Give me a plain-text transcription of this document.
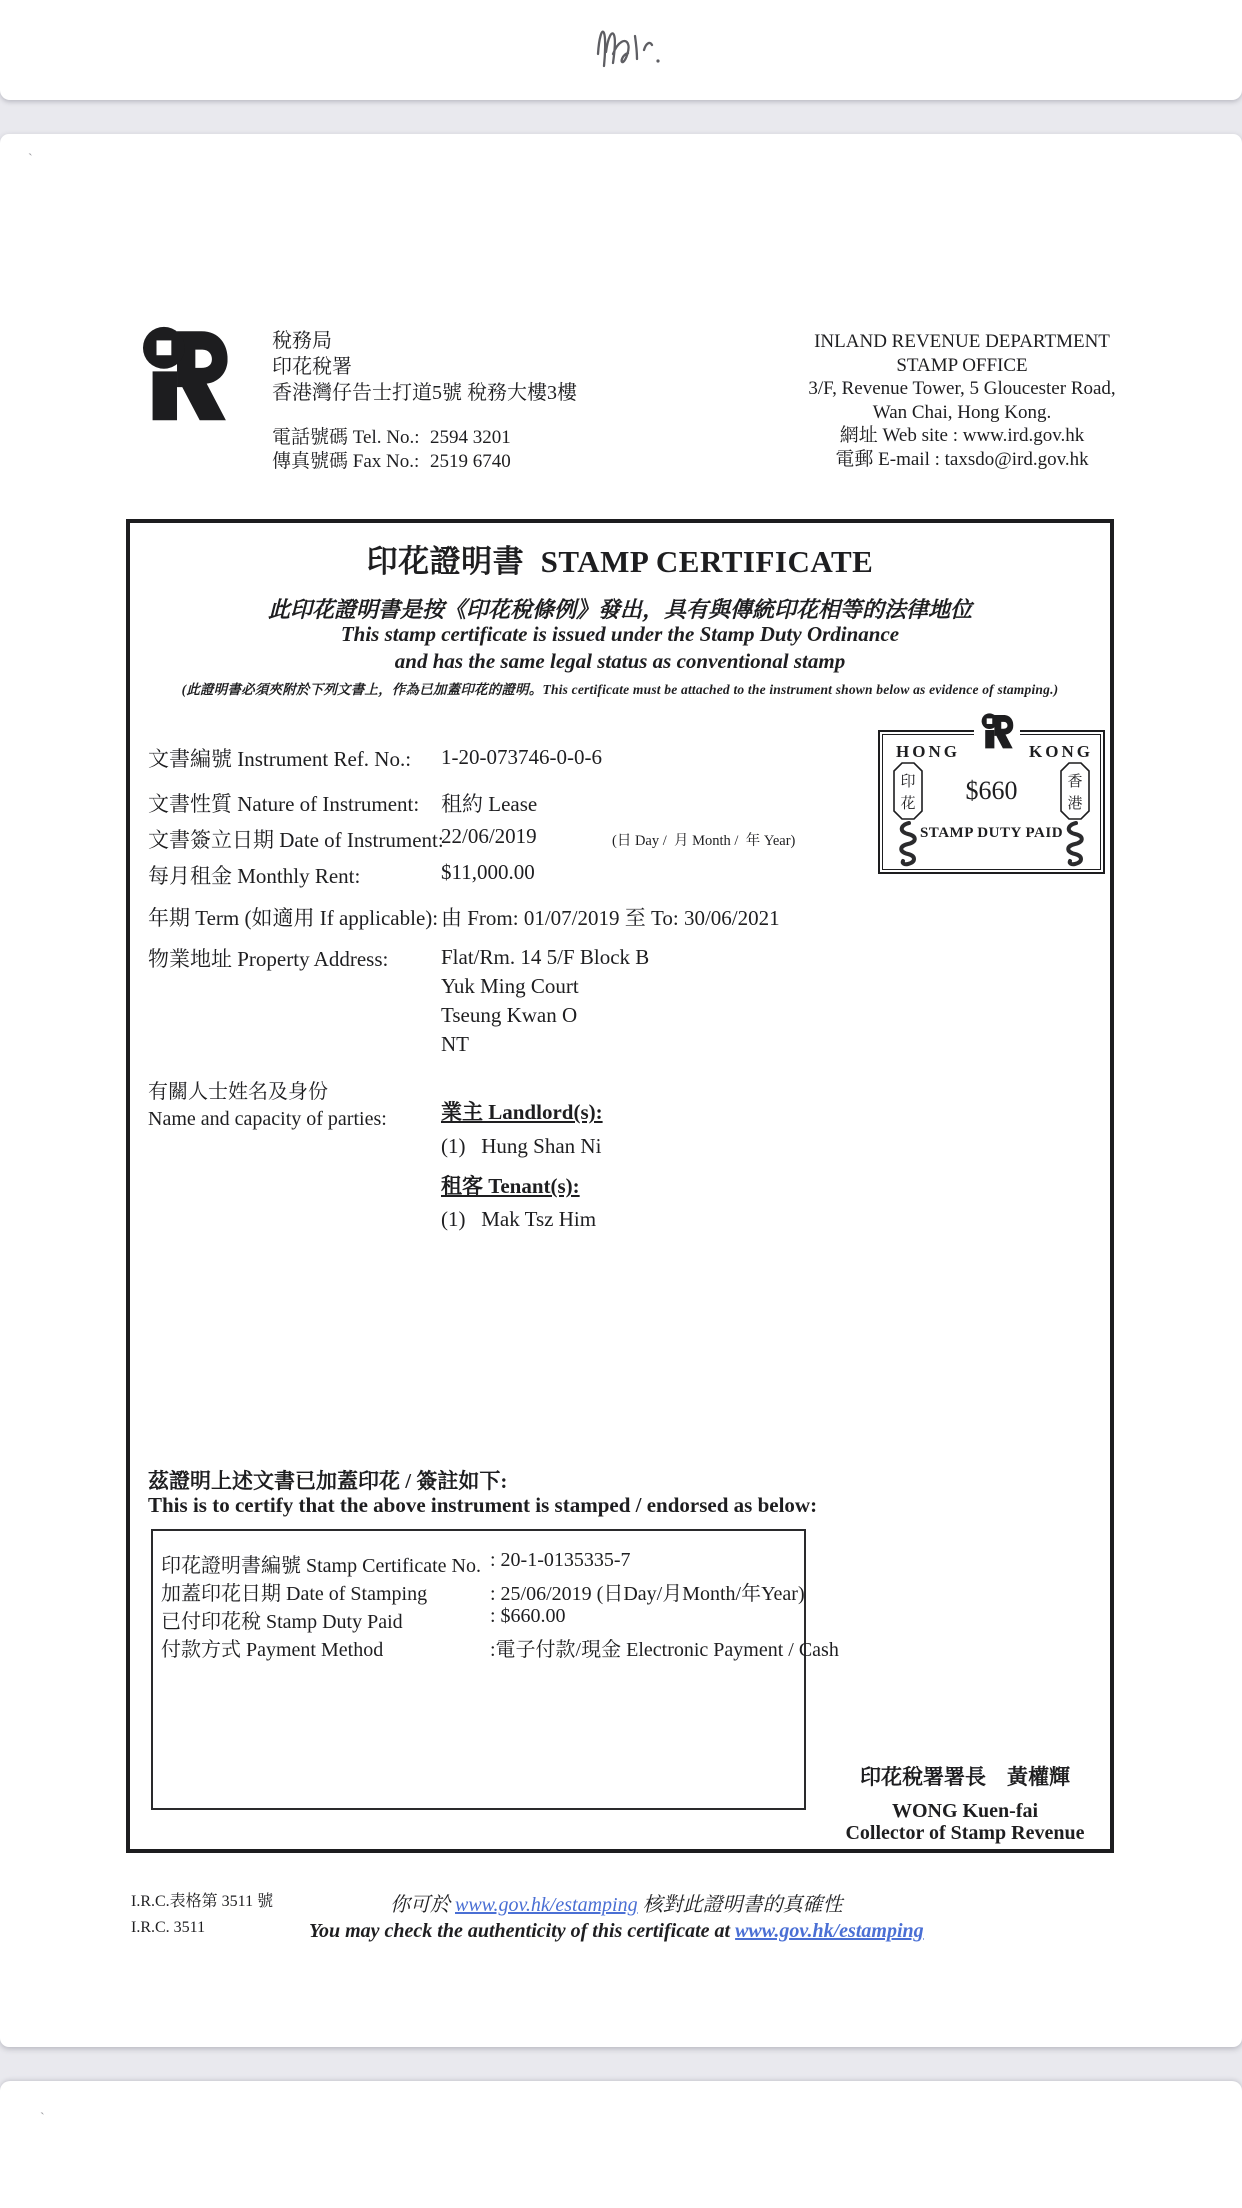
`
稅務局
印花稅署
香港灣仔告士打道5號 稅務大樓3樓
電話號碼 Tel. No.: 2594 3201
傳真號碼 Fax No.: 2519 6740
INLAND REVENUE DEPARTMENT
STAMP OFFICE
3/F, Revenue Tower, 5 Gloucester Road,
Wan Chai, Hong Kong.
網址 Web site : www.ird.gov.hk
電郵 E-mail : taxsdo@ird.gov.hk
印花證明書  STAMP CERTIFICATE
此印花證明書是按《印花稅條例》發出，具有與傳統印花相等的法律地位
This stamp certificate is issued under the Stamp Duty Ordinance
and has the same legal status as conventional stamp
(此證明書必須夾附於下列文書上，作為已加蓋印花的證明。This certificate must be attached to the instrument shown below as evidence of stamping.)
文書編號 Instrument Ref. No.: 1-20-073746-0-0-6
文書性質 Nature of Instrument: 租約 Lease
文書簽立日期 Date of Instrument:
22/06/2019	(日 Day /  月 Month /  年 Year)
每月租金 Monthly Rent:	$11,000.00
年期 Term (如適用 If applicable): 由 From: 01/07/2019 至 To: 30/06/2021
物業地址 Property Address:	Flat/Rm. 14 5/F Block B
Yuk Ming Court
Tseung Kwan O
NT
有關人士姓名及身份
Name and capacity of parties:	業主 Landlord(s):
(1)   Hung Shan Ni
租客 Tenant(s):
(1)   Mak Tsz Him
HONG	KONG
$660
STAMP DUTY PAID
印
花
香
港
茲證明上述文書已加蓋印花 / 簽註如下:
This is to certify that the above instrument is stamped / endorsed as below:
印花證明書編號 Stamp Certificate No. : 20-1-0135335-7
加蓋印花日期 Date of Stamping	: 25/06/2019 (日Day/月Month/年Year)
已付印花稅 Stamp Duty Paid	: $660.00
付款方式 Payment Method	:電子付款/現金 Electronic Payment / Cash
印花稅署署長　黃權輝
WONG Kuen-fai
Collector of Stamp Revenue
I.R.C.表格第 3511 號
I.R.C. 3511
你可於 www.gov.hk/estamping 核對此證明書的真確性
You may check the authenticity of this certificate at www.gov.hk/estamping
`
